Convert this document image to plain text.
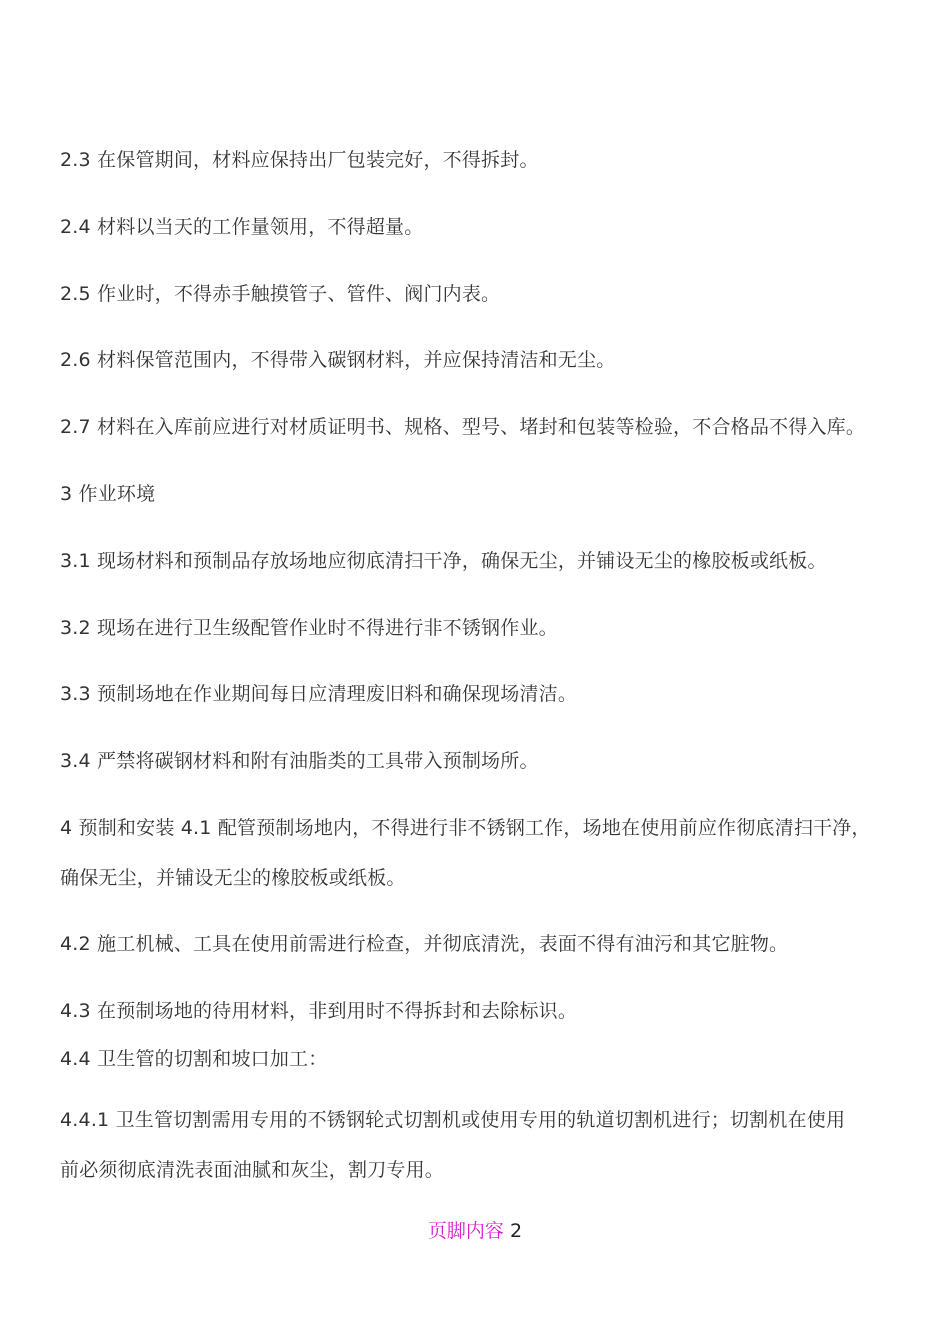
2.3 在保管期间，材料应保持出厂包装完好，不得拆封。
2.4 材料以当天的工作量领用，不得超量。
2.5 作业时，不得赤手触摸管子、管件、阀门内表。
2.6 材料保管范围内，不得带入碳钢材料，并应保持清洁和无尘。
2.7 材料在入库前应进行对材质证明书、规格、型号、堵封和包装等检验，不合格品不得入库。
3 作业环境
3.1 现场材料和预制品存放场地应彻底清扫干净，确保无尘，并铺设无尘的橡胶板或纸板。
3.2 现场在进行卫生级配管作业时不得进行非不锈钢作业。
3.3 预制场地在作业期间每日应清理废旧料和确保现场清洁。
3.4 严禁将碳钢材料和附有油脂类的工具带入预制场所。
4 预制和安装 4.1 配管预制场地内，不得进行非不锈钢工作，场地在使用前应作彻底清扫干净，
确保无尘，并铺设无尘的橡胶板或纸板。
4.2 施工机械、工具在使用前需进行检查，并彻底清洗，表面不得有油污和其它脏物。
4.3 在预制场地的待用材料，非到用时不得拆封和去除标识。
4.4 卫生管的切割和坡口加工：
4.4.1 卫生管切割需用专用的不锈钢轮式切割机或使用专用的轨道切割机进行；切割机在使用
前必须彻底清洗表面油腻和灰尘，割刀专用。
页脚内容 2
